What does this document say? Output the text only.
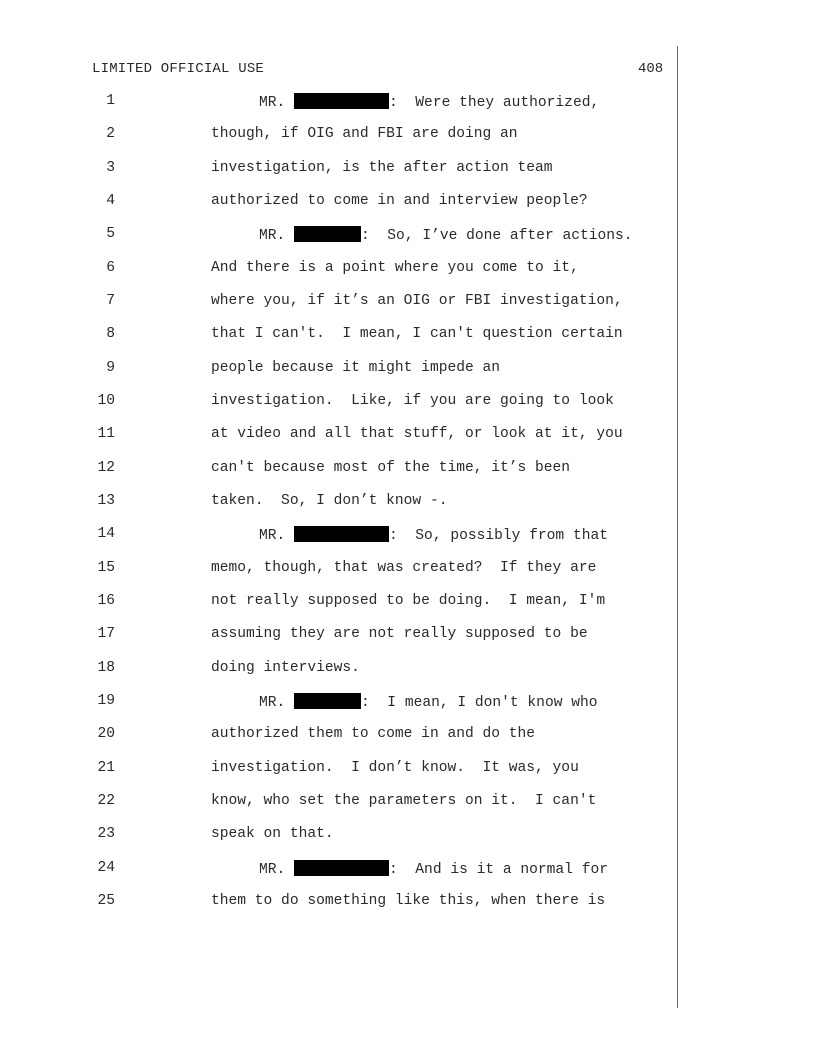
LIMITED OFFICIAL USE	408
1	MR.	:  Were they authorized,
2	though, if OIG and FBI are doing an
3	investigation, is the after action team
4	authorized to come in and interview people?
5	MR.	:  So, I’ve done after actions.
6	And there is a point where you come to it,
7	where you, if it’s an OIG or FBI investigation,
8	that I can't.  I mean, I can't question certain
9	people because it might impede an
10	investigation.  Like, if you are going to look
11	at video and all that stuff, or look at it, you
12	can't because most of the time, it’s been
13	taken.  So, I don’t know -.
14	MR.	:  So, possibly from that
15	memo, though, that was created?  If they are
16	not really supposed to be doing.  I mean, I'm
17	assuming they are not really supposed to be
18	doing interviews.
19	MR.	:  I mean, I don't know who
20	authorized them to come in and do the
21	investigation.  I don’t know.  It was, you
22	know, who set the parameters on it.  I can't
23	speak on that.
24	MR.	:  And is it a normal for
25	them to do something like this, when there is
